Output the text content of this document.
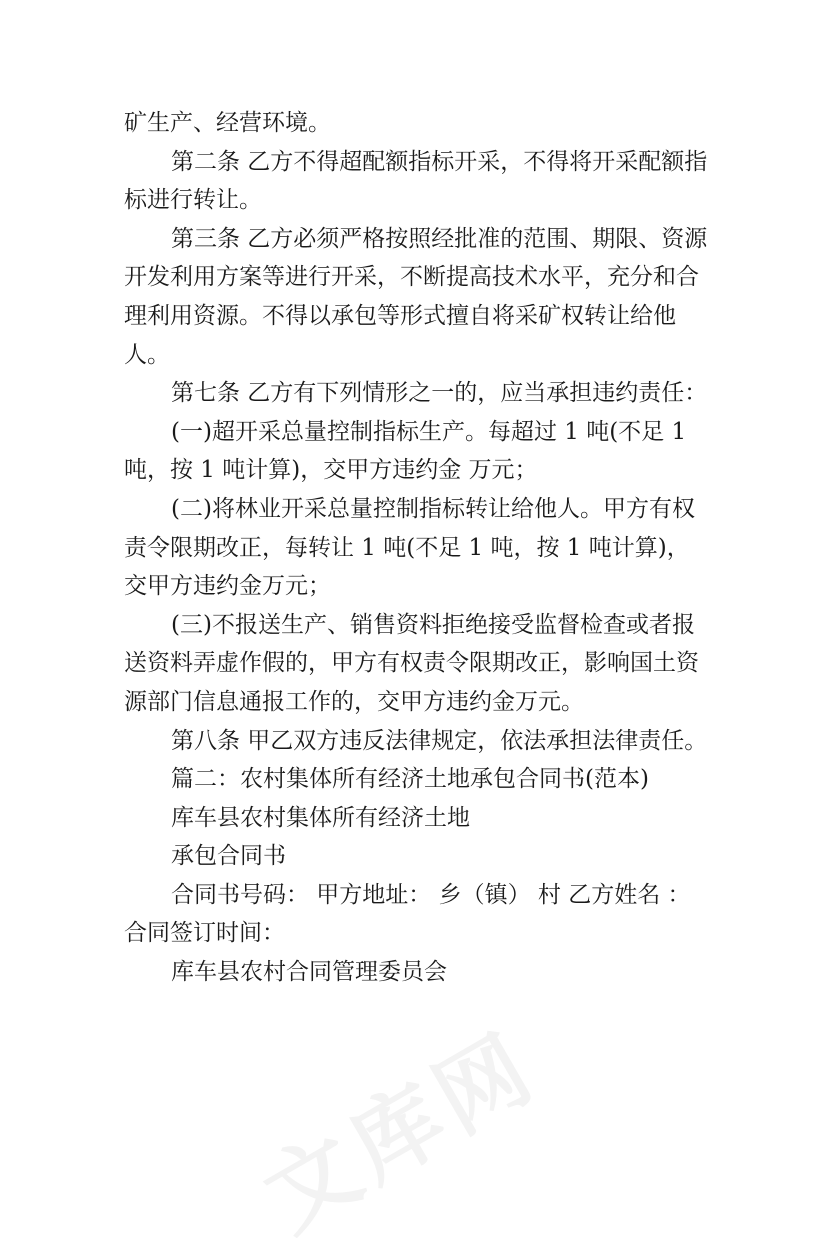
文库网

矿生产、经营环境。

第二条 乙方不得超配额指标开采，不得将开采配额指标进行转让。

第三条 乙方必须严格按照经批准的范围、期限、资源开发利用方案等进行开采，不断提高技术水平，充分和合理利用资源。不得以承包等形式擅自将采矿权转让给他人。

第七条 乙方有下列情形之一的，应当承担违约责任：

(一)超开采总量控制指标生产。每超过 1 吨(不足 1 吨，按 1 吨计算)，交甲方违约金 万元；

(二)将林业开采总量控制指标转让给他人。甲方有权责令限期改正，每转让 1 吨(不足 1 吨，按 1 吨计算)，交甲方违约金万元；

(三)不报送生产、销售资料拒绝接受监督检查或者报送资料弄虚作假的，甲方有权责令限期改正，影响国土资源部门信息通报工作的，交甲方违约金万元。

第八条 甲乙双方违反法律规定，依法承担法律责任。

篇二：农村集体所有经济土地承包合同书(范本)

库车县农村集体所有经济土地

承包合同书

合同书号码： 甲方地址： 乡（镇） 村 乙方姓名 ：合同签订时间：

库车县农村合同管理委员会
